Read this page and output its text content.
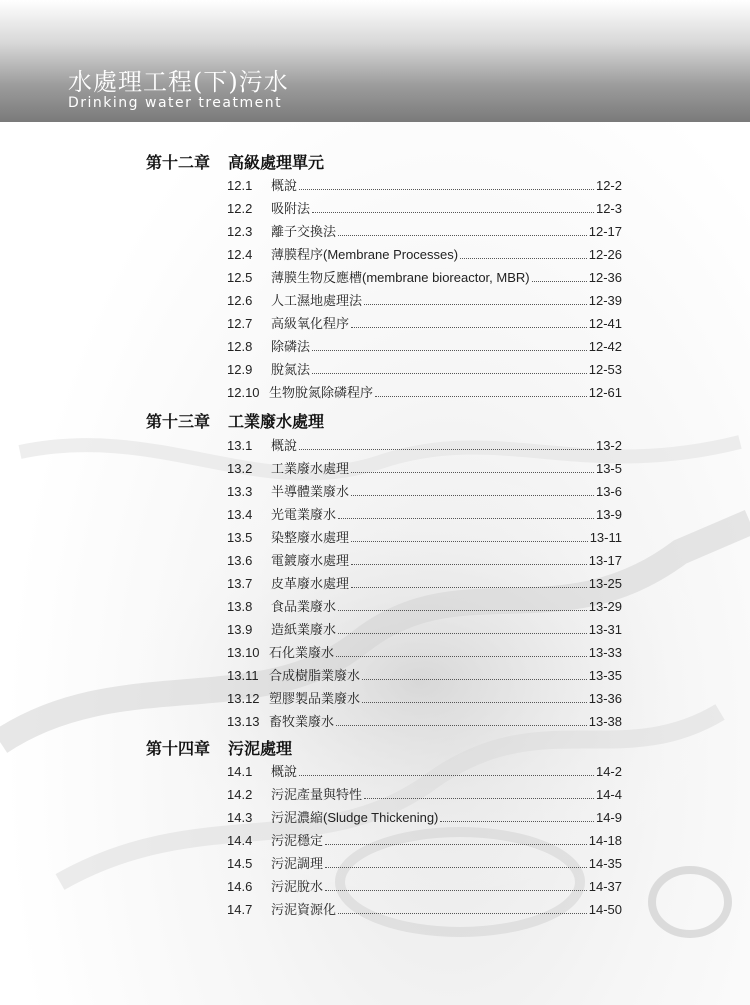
水處理工程(下)污水
Drinking water treatment
第十二章 高級處理單元
12.1	概說	12-2
12.2	吸附法	12-3
12.3	離子交換法	12-17
12.4	薄膜程序(Membrane Processes)	12-26
12.5	薄膜生物反應槽(membrane bioreactor, MBR)	12-36
12.6	人工濕地處理法	12-39
12.7	高級氧化程序	12-41
12.8	除磷法	12-42
12.9	脫氮法	12-53
12.10 生物脫氮除磷程序	12-61
第十三章 工業廢水處理
13.1	概說	13-2
13.2	工業廢水處理	13-5
13.3	半導體業廢水	13-6
13.4	光電業廢水	13-9
13.5	染整廢水處理	13-11
13.6	電鍍廢水處理	13-17
13.7	皮革廢水處理	13-25
13.8	食品業廢水	13-29
13.9	造紙業廢水	13-31
13.10 石化業廢水	13-33
13.11 合成樹脂業廢水	13-35
13.12 塑膠製品業廢水	13-36
13.13 畜牧業廢水	13-38
第十四章 污泥處理
14.1	概說	14-2
14.2	污泥產量與特性	14-4
14.3	污泥濃縮(Sludge Thickening)	14-9
14.4	污泥穩定	14-18
14.5	污泥調理	14-35
14.6	污泥脫水	14-37
14.7	污泥資源化	14-50
